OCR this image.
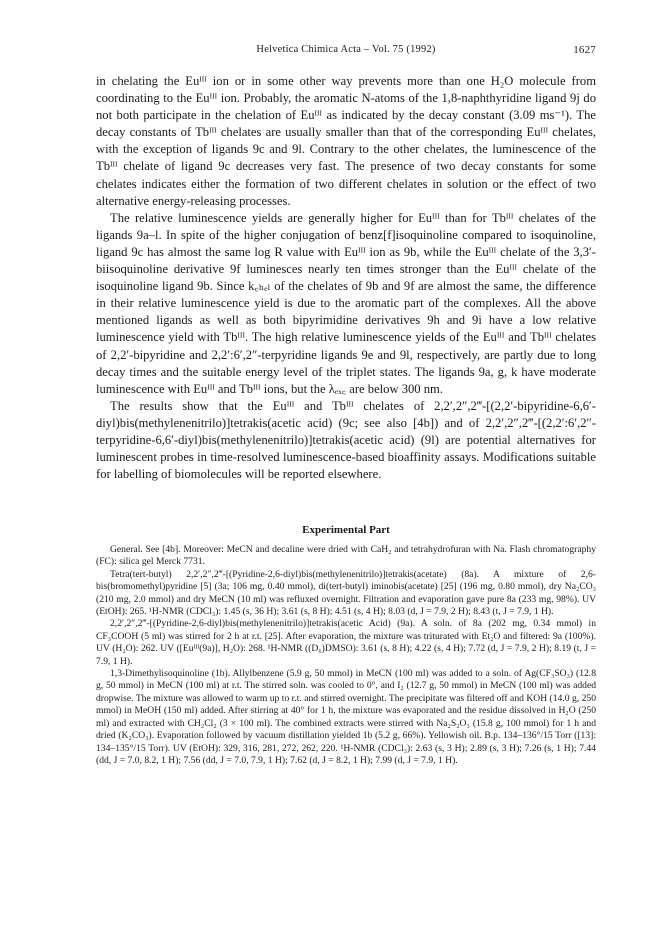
Helvetica Chimica Acta – Vol. 75 (1992)	1627

in chelating the Euᴵᴵᴵ ion or in some other way prevents more than one H₂O molecule from coordinating to the Euᴵᴵᴵ ion. Probably, the aromatic N-atoms of the 1,8-naphthyridine ligand 9j do not both participate in the chelation of Euᴵᴵᴵ as indicated by the decay constant (3.09 ms⁻¹). The decay constants of Tbᴵᴵᴵ chelates are usually smaller than that of the corresponding Euᴵᴵᴵ chelates, with the exception of ligands 9c and 9l. Contrary to the other chelates, the luminescence of the Tbᴵᴵᴵ chelate of ligand 9c decreases very fast. The presence of two decay constants for some chelates indicates either the formation of two different chelates in solution or the effect of two alternative energy-releasing processes.

The relative luminescence yields are generally higher for Euᴵᴵᴵ than for Tbᴵᴵᴵ chelates of the ligands 9a–l. In spite of the higher conjugation of benz[f]isoquinoline compared to isoquinoline, ligand 9c has almost the same log R value with Euᴵᴵᴵ ion as 9b, while the Euᴵᴵᴵ chelate of the 3,3′-biisoquinoline derivative 9f luminesces nearly ten times stronger than the Euᴵᴵᴵ chelate of the isoquinoline ligand 9b. Since k꜀ₕₑₗ of the chelates of 9b and 9f are almost the same, the difference in their relative luminescence yield is due to the aromatic part of the complexes. All the above mentioned ligands as well as both bipyrimidine derivatives 9h and 9i have a low relative luminescence yield with Tbᴵᴵᴵ. The high relative luminescence yields of the Euᴵᴵᴵ and Tbᴵᴵᴵ chelates of 2,2′-bipyridine and 2,2′:6′,2″-terpyridine ligands 9e and 9l, respectively, are partly due to long decay times and the suitable energy level of the triplet states. The ligands 9a, g, k have moderate luminescence with Euᴵᴵᴵ and Tbᴵᴵᴵ ions, but the λₑₓ꜀ are below 300 nm.

The results show that the Euᴵᴵᴵ and Tbᴵᴵᴵ chelates of 2,2′,2″,2‴-[(2,2′-bipyridine-6,6′-diyl)bis(methylenenitrilo)]tetrakis(acetic acid) (9c; see also [4b]) and of 2,2′,2″,2‴-[(2,2′:6′,2″-terpyridine-6,6′-diyl)bis(methylenenitrilo)]tetrakis(acetic acid) (9l) are potential alternatives for luminescent probes in time-resolved luminescence-based bioaffinity assays. Modifications suitable for labelling of biomolecules will be reported elsewhere.

Experimental Part

General. See [4b]. Moreover: MeCN and decaline were dried with CaH₂ and tetrahydrofuran with Na. Flash chromatography (FC): silica gel Merck 7731.

Tetra(tert-butyl) 2,2′,2″,2‴-[(Pyridine-2,6-diyl)bis(methylenenitrilo)]tetrakis(acetate) (8a). A mixture of 2,6-bis(bromomethyl)pyridine [5] (3a; 106 mg, 0.40 mmol), di(tert-butyl) iminobis(acetate) [25] (196 mg, 0.80 mmol), dry Na₂CO₃ (210 mg, 2.0 mmol) and dry MeCN (10 ml) was refluxed overnight. Filtration and evaporation gave pure 8a (233 mg, 98%). UV (EtOH): 265. ¹H-NMR (CDCl₃): 1.45 (s, 36 H); 3.61 (s, 8 H); 4.51 (s, 4 H); 8.03 (d, J = 7.9, 2 H); 8.43 (t, J = 7.9, 1 H).

2,2′,2″,2‴-[(Pyridine-2,6-diyl)bis(methylenenitrilo)]tetrakis(acetic Acid) (9a). A soln. of 8a (202 mg, 0.34 mmol) in CF₃COOH (5 ml) was stirred for 2 h at r.t. [25]. After evaporation, the mixture was triturated with Et₂O and filtered: 9a (100%). UV (H₂O): 262. UV ([Euᴵᴵᴵ(9a)], H₂O): 268. ¹H-NMR ((D₆)DMSO): 3.61 (s, 8 H); 4.22 (s, 4 H); 7.72 (d, J = 7.9, 2 H); 8.19 (t, J = 7.9, 1 H).

1,3-Dimethylisoquinoline (1b). Allylbenzene (5.9 g, 50 mmol) in MeCN (100 ml) was added to a soln. of Ag(CF₃SO₃) (12.8 g, 50 mmol) in MeCN (100 ml) at r.t. The stirred soln. was cooled to 0°, and I₂ (12.7 g, 50 mmol) in MeCN (100 ml) was added dropwise. The mixture was allowed to warm up to r.t. and stirred overnight. The precipitate was filtered off and KOH (14.0 g, 250 mmol) in MeOH (150 ml) added. After stirring at 40° for 1 h, the mixture was evaporated and the residue dissolved in H₂O (250 ml) and extracted with CH₂Cl₂ (3 × 100 ml). The combined extracts were stirred with Na₂S₂O₃ (15.8 g, 100 mmol) for 1 h and dried (K₂CO₃). Evaporation followed by vacuum distillation yielded 1b (5.2 g, 66%). Yellowish oil. B.p. 134–136°/15 Torr ([13]: 134–135°/15 Torr). UV (EtOH): 329, 316, 281, 272, 262, 220. ¹H-NMR (CDCl₃): 2.63 (s, 3 H); 2.89 (s, 3 H); 7.26 (s, 1 H); 7.44 (dd, J = 7.0, 8.2, 1 H); 7.56 (dd, J = 7.0, 7.9, 1 H); 7.62 (d, J = 8.2, 1 H); 7.99 (d, J = 7.9, 1 H).
